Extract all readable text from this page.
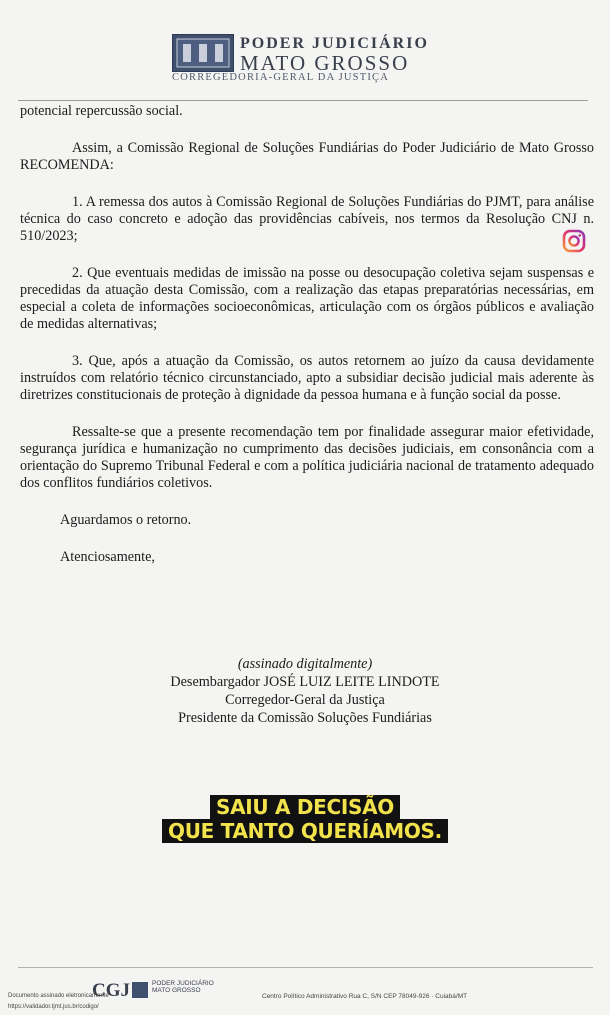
PODER JUDICIÁRIO
MATO GROSSO
CORREGEDORIA-GERAL DA JUSTIÇA

potencial repercussão social.

Assim, a Comissão Regional de Soluções Fundiárias do Poder Judiciário de Mato Grosso RECOMENDA:

1. A remessa dos autos à Comissão Regional de Soluções Fundiárias do PJMT, para análise técnica do caso concreto e adoção das providências cabíveis, nos termos da Resolução CNJ n. 510/2023;

2. Que eventuais medidas de imissão na posse ou desocupação coletiva sejam suspensas e precedidas da atuação desta Comissão, com a realização das etapas preparatórias necessárias, em especial a coleta de informações socioeconômicas, articulação com os órgãos públicos e avaliação de medidas alternativas;

3. Que, após a atuação da Comissão, os autos retornem ao juízo da causa devidamente instruídos com relatório técnico circunstanciado, apto a subsidiar decisão judicial mais aderente às diretrizes constitucionais de proteção à dignidade da pessoa humana e à função social da posse.

Ressalte-se que a presente recomendação tem por finalidade assegurar maior efetividade, segurança jurídica e humanização no cumprimento das decisões judiciais, em consonância com a orientação do Supremo Tribunal Federal e com a política judiciária nacional de tratamento adequado dos conflitos fundiários coletivos.

Aguardamos o retorno.

Atenciosamente,

(assinado digitalmente)
Desembargador JOSÉ LUIZ LEITE LINDOTE
Corregedor-Geral da Justiça
Presidente da Comissão Soluções Fundiárias
SAIU A DECISÃO
QUE TANTO QUERÍAMOS.
CGJ	PODER JUDICIÁRIO
MATO GROSSO
Documento assinado eletronicamente
https://validador.tjmt.jus.br/codigo/
Centro Político Administrativo Rua C, S/N CEP 78049-926 · Cuiabá/MT
